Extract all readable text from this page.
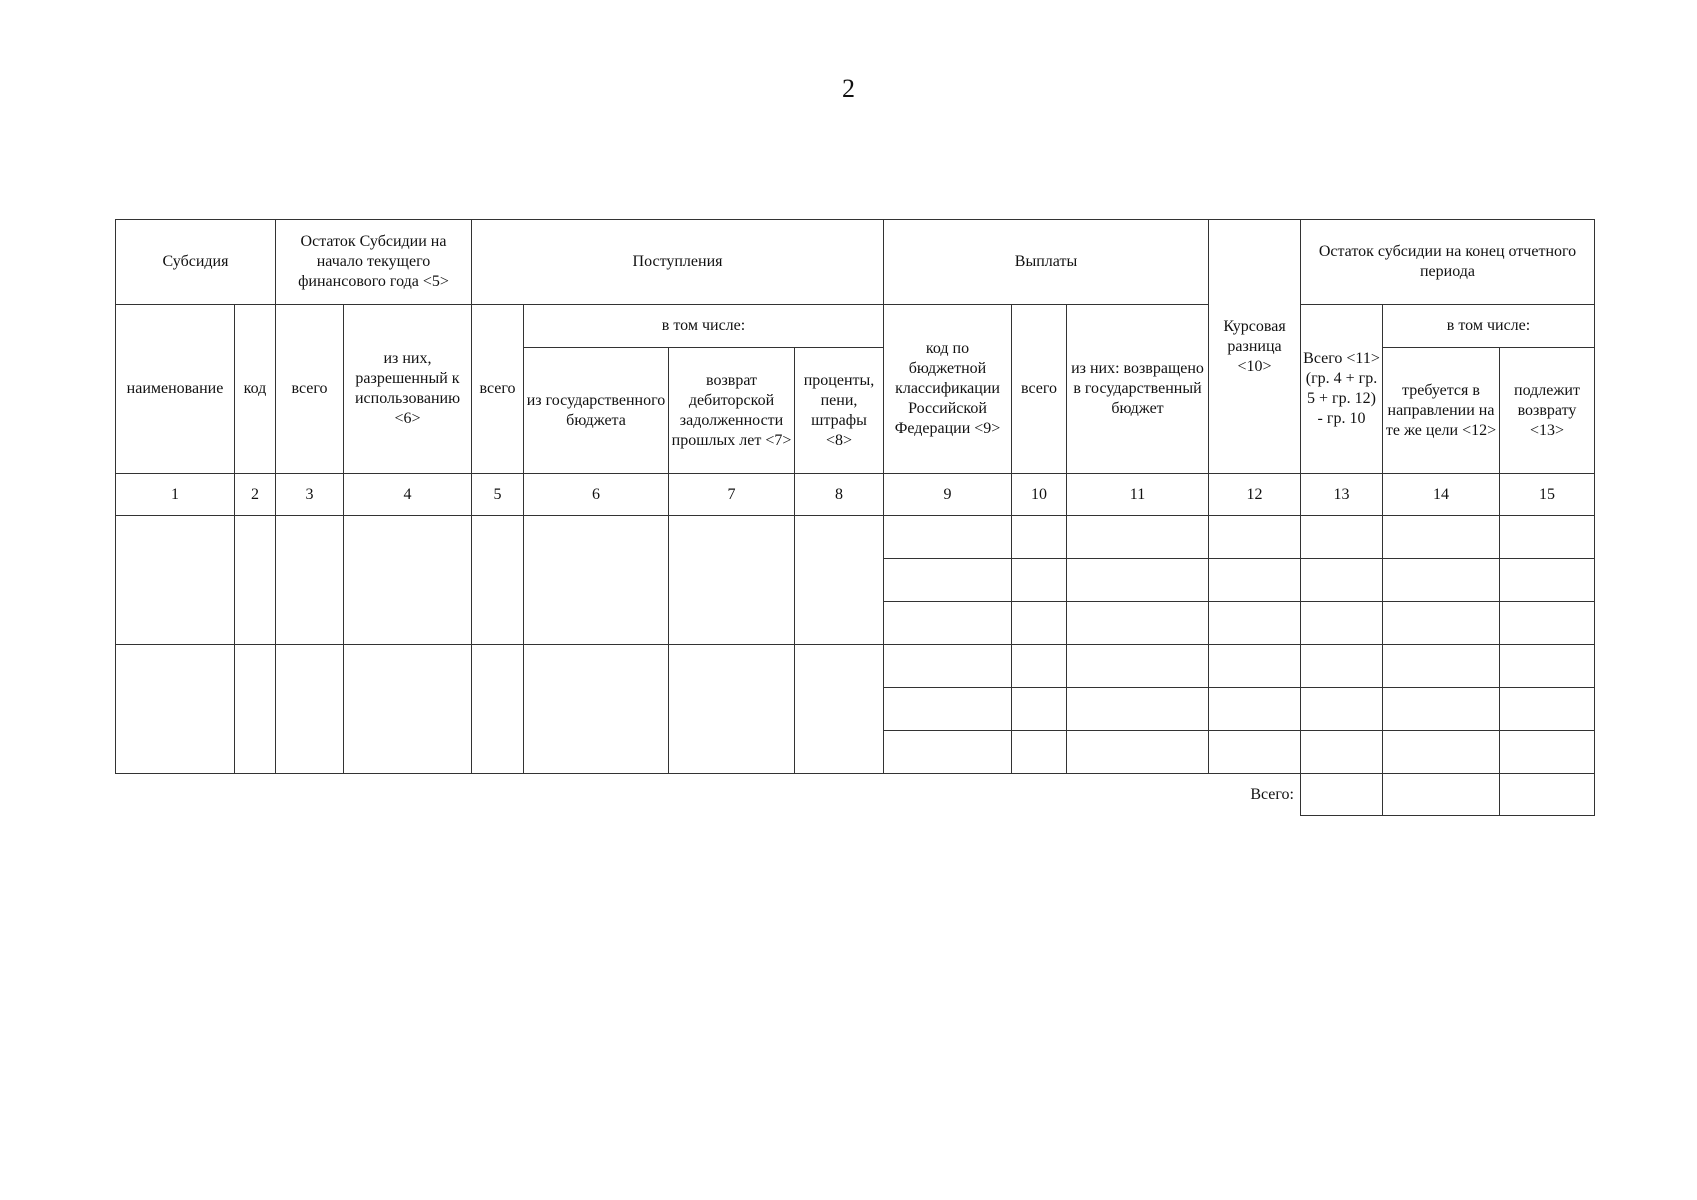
2
Субсидия		Остаток Субсидии на начало текущего финансового года <5>		Поступления				Выплаты			Курсовая разница <10>	Остаток субсидии на конец отчетного периода		
наименование	код	всего	из них, разрешенный к использованию <6>	всего	в том числе:			код по бюджетной классификации Российской Федерации <9>	всего	из них: возвращено в государственный бюджет		Всего <11> (гр. 4 + гр. 5 + гр. 12) - гр. 10	в том числе:	
					из государственного бюджета	возврат дебиторской задолженности прошлых лет <7>	проценты, пени, штрафы <8>						требуется в направлении на те же цели <12>	подлежит возврату <13>
1	2	3	4	5	6	7	8	9	10	11	12	13	14	15

Всего:														
